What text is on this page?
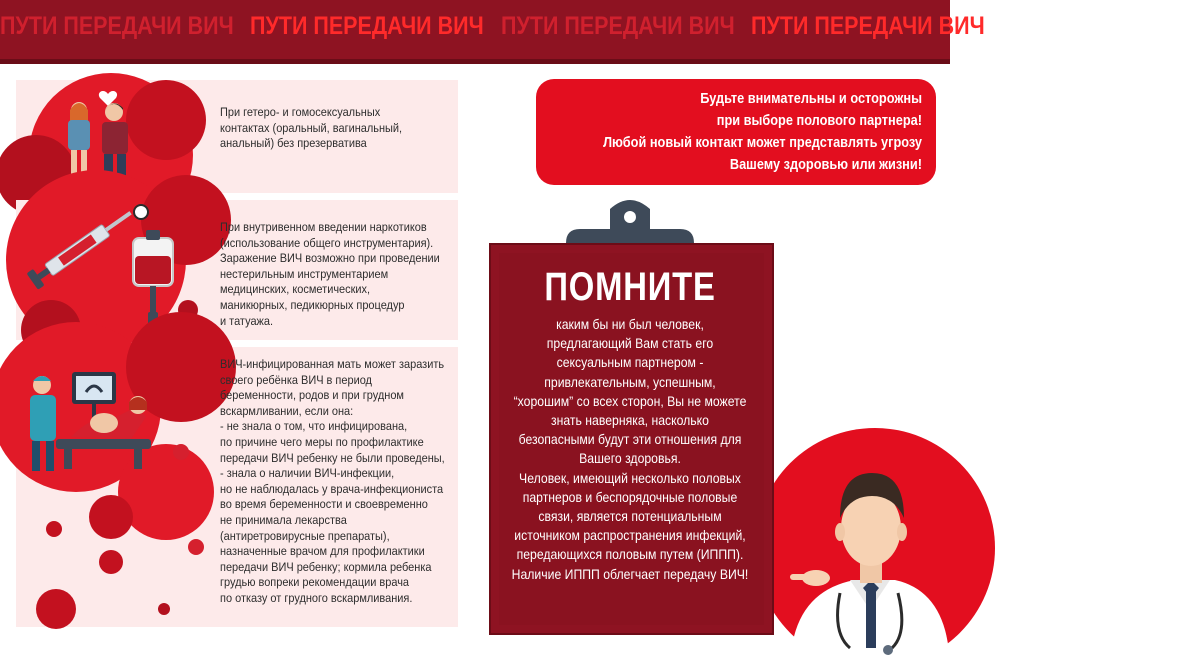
ПУТИ ПЕРЕДАЧИ ВИЧ ПУТИ ПЕРЕДАЧИ ВИЧ ПУТИ ПЕРЕДАЧИ ВИЧ ПУТИ ПЕРЕДАЧИ ВИЧ
При гетеро- и гомосексуальных
контактах (оральный, вагинальный,
анальный) без презерватива
При внутривенном введении наркотиков
(использование общего инструментария).
Заражение ВИЧ возможно при проведении
нестерильным инструментарием
медицинских, косметических,
маникюрных, педикюрных процедур
и татуажа.
ВИЧ-инфицированная мать может заразить
своего ребёнка ВИЧ в период
беременности, родов и при грудном
вскармливании, если она:
- не знала о том, что инфицирована,
по причине чего меры по профилактике
передачи ВИЧ ребенку не были проведены,
- знала о наличии ВИЧ-инфекции,
но не наблюдалась у врача-инфекциониста
во время беременности и своевременно
не принимала лекарства
(антиретровирусные препараты),
назначенные врачом для профилактики
передачи ВИЧ ребенку; кормила ребенка
грудью вопреки рекомендации врача
по отказу от грудного вскармливания.
Будьте внимательны и осторожны
при выборе полового партнера!
Любой новый контакт может представлять угрозу
Вашему здоровью или жизни!
ПОМНИТЕ
каким бы ни был человек,
предлагающий Вам стать его
сексуальным партнером -
привлекательным, успешным,
“хорошим” со всех сторон, Вы не можете
знать наверняка, насколько
безопасными будут эти отношения для
Вашего здоровья.
Человек, имеющий несколько половых
партнеров и беспорядочные половые
связи, является потенциальным
источником распространения инфекций,
передающихся половым путем (ИППП).
Наличие ИППП облегчает передачу ВИЧ!
